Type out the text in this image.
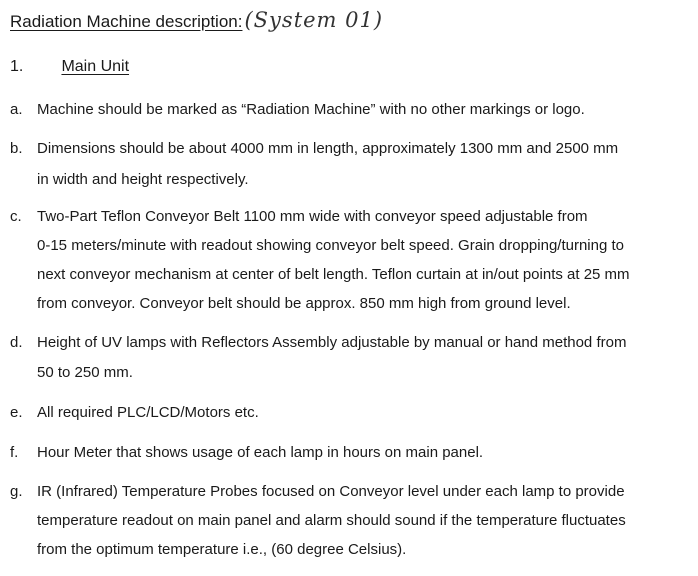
Radiation Machine description: (System 01)
1. Main Unit
a. Machine should be marked as “Radiation Machine” with no other markings or logo.
b. Dimensions should be about 4000 mm in length, approximately 1300 mm and 2500 mm
in width and height respectively.
c. Two-Part Teflon Conveyor Belt 1100 mm wide with conveyor speed adjustable from
0-15 meters/minute with readout showing conveyor belt speed. Grain dropping/turning to
next conveyor mechanism at center of belt length. Teflon curtain at in/out points at 25 mm
from conveyor. Conveyor belt should be approx. 850 mm high from ground level.
d. Height of UV lamps with Reflectors Assembly adjustable by manual or hand method from
50 to 250 mm.
e. All required PLC/LCD/Motors etc.
f. Hour Meter that shows usage of each lamp in hours on main panel.
g. IR (Infrared) Temperature Probes focused on Conveyor level under each lamp to provide
temperature readout on main panel and alarm should sound if the temperature fluctuates
from the optimum temperature i.e., (60 degree Celsius).
